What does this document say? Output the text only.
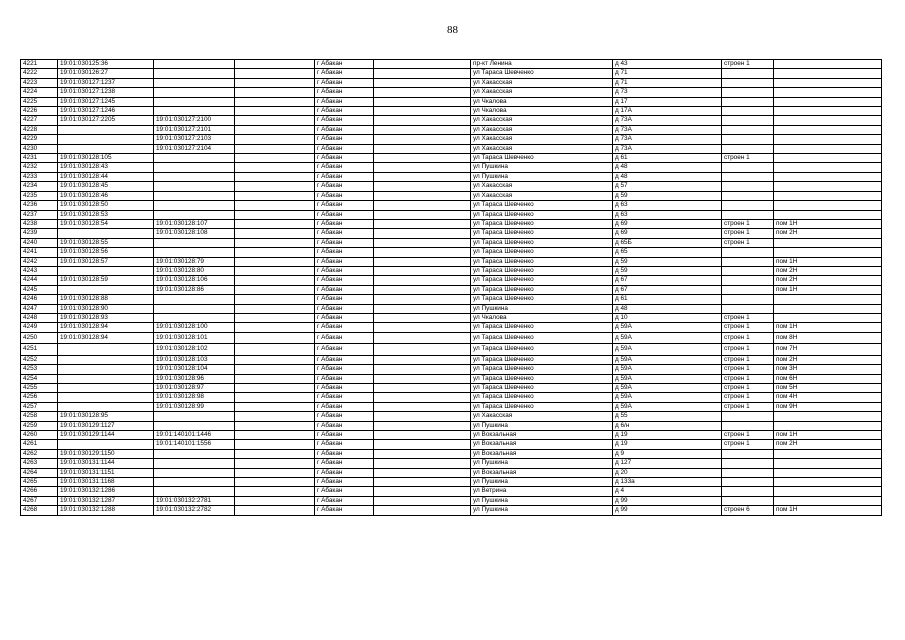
88
4221	19:01:030125:36			г Абакан		пр-кт Ленина	д 43	строен 1	
4222	19:01:030126:27			г Абакан		ул Тараса Шевченко	д 71		
4223	19:01:030127:1237			г Абакан		ул Хакасская	д 71		
4224	19:01:030127:1238			г Абакан		ул Хакасская	д 73		
4225	19:01:030127:1245			г Абакан		ул Чкалова	д 17		
4226	19:01:030127:1246			г Абакан		ул Чкалова	д 17А		
4227	19:01:030127:2205	19:01:030127:2100		г Абакан		ул Хакасская	д 73А		
4228		19:01:030127:2101		г Абакан		ул Хакасская	д 73А		
4229		19:01:030127:2103		г Абакан		ул Хакасская	д 73А		
4230		19:01:030127:2104		г Абакан		ул Хакасская	д 73А		
4231	19:01:030128:105			г Абакан		ул Тараса Шевченко	д 61	строен 1	
4232	19:01:030128:43			г Абакан		ул Пушкина	д 48		
4233	19:01:030128:44			г Абакан		ул Пушкина	д 48		
4234	19:01:030128:45			г Абакан		ул Хакасская	д 57		
4235	19:01:030128:46			г Абакан		ул Хакасская	д 59		
4236	19:01:030128:50			г Абакан		ул Тараса Шевченко	д 63		
4237	19:01:030128:53			г Абакан		ул Тараса Шевченко	д 63		
4238	19:01:030128:54	19:01:030128:107		г Абакан		ул Тараса Шевченко	д 69	строен 1	пом 1Н
4239		19:01:030128:108		г Абакан		ул Тараса Шевченко	д 69	строен 1	пом 2Н
4240	19:01:030128:55			г Абакан		ул Тараса Шевченко	д 65Б	строен 1	
4241	19:01:030128:56			г Абакан		ул Тараса Шевченко	д 65		
4242	19:01:030128:57	19:01:030128:79		г Абакан		ул Тараса Шевченко	д 59		пом 1Н
4243		19:01:030128:80		г Абакан		ул Тараса Шевченко	д 59		пом 2Н
4244	19:01:030128:59	19:01:030128:106		г Абакан		ул Тараса Шевченко	д 67		пом 2Н
4245		19:01:030128:86		г Абакан		ул Тараса Шевченко	д 67		пом 1Н
4246	19:01:030128:88			г Абакан		ул Тараса Шевченко	д 61		
4247	19:01:030128:90			г Абакан		ул Пушкина	д 48		
4248	19:01:030128:93			г Абакан		ул Чкалова	д 10	строен 1	
4249	19:01:030128:94	19:01:030128:100		г Абакан		ул Тараса Шевченко	д 59А	строен 1	пом 1Н
4250	19:01:030128:94	19:01:030128:101		г Абакан		ул Тараса Шевченко	д 59А	строен 1	пом 8Н
4251		19:01:030128:102		г Абакан		ул Тараса Шевченко	д 59А	строен 1	пом 7Н
4252		19:01:030128:103		г Абакан		ул Тараса Шевченко	д 59А	строен 1	пом 2Н
4253		19:01:030128:104		г Абакан		ул Тараса Шевченко	д 59А	строен 1	пом 3Н
4254		19:01:030128:96		г Абакан		ул Тараса Шевченко	д 59А	строен 1	пом 6Н
4255		19:01:030128:97		г Абакан		ул Тараса Шевченко	д 59А	строен 1	пом 5Н
4256		19:01:030128:98		г Абакан		ул Тараса Шевченко	д 59А	строен 1	пом 4Н
4257		19:01:030128:99		г Абакан		ул Тараса Шевченко	д 59А	строен 1	пом 9Н
4258	19:01:030128:95			г Абакан		ул Хакасская	д 55		
4259	19:01:030129:1127			г Абакан		ул Пушкина	д 6/н		
4260	19:01:030129:1144	19:01:140101:1446		г Абакан		ул Вокзальная	д 19	строен 1	пом 1Н
4261		19:01:140101:1556		г Абакан		ул Вокзальная	д 19	строен 1	пом 2Н
4262	19:01:030129:1150			г Абакан		ул Вокзальная	д 9		
4263	19:01:030131:1144			г Абакан		ул Пушкина	д 127		
4264	19:01:030131:1151			г Абакан		ул Вокзальная	д 20		
4265	19:01:030131:1168			г Абакан		ул Пушкина	д 133а		
4266	19:01:030132:1286			г Абакан		ул Ветрина	д 4		
4267	19:01:030132:1287	19:01:030132:2781		г Абакан		ул Пушкина	д 99		
4268	19:01:030132:1288	19:01:030132:2782		г Абакан		ул Пушкина	д 99	строен 6	пом 1Н
